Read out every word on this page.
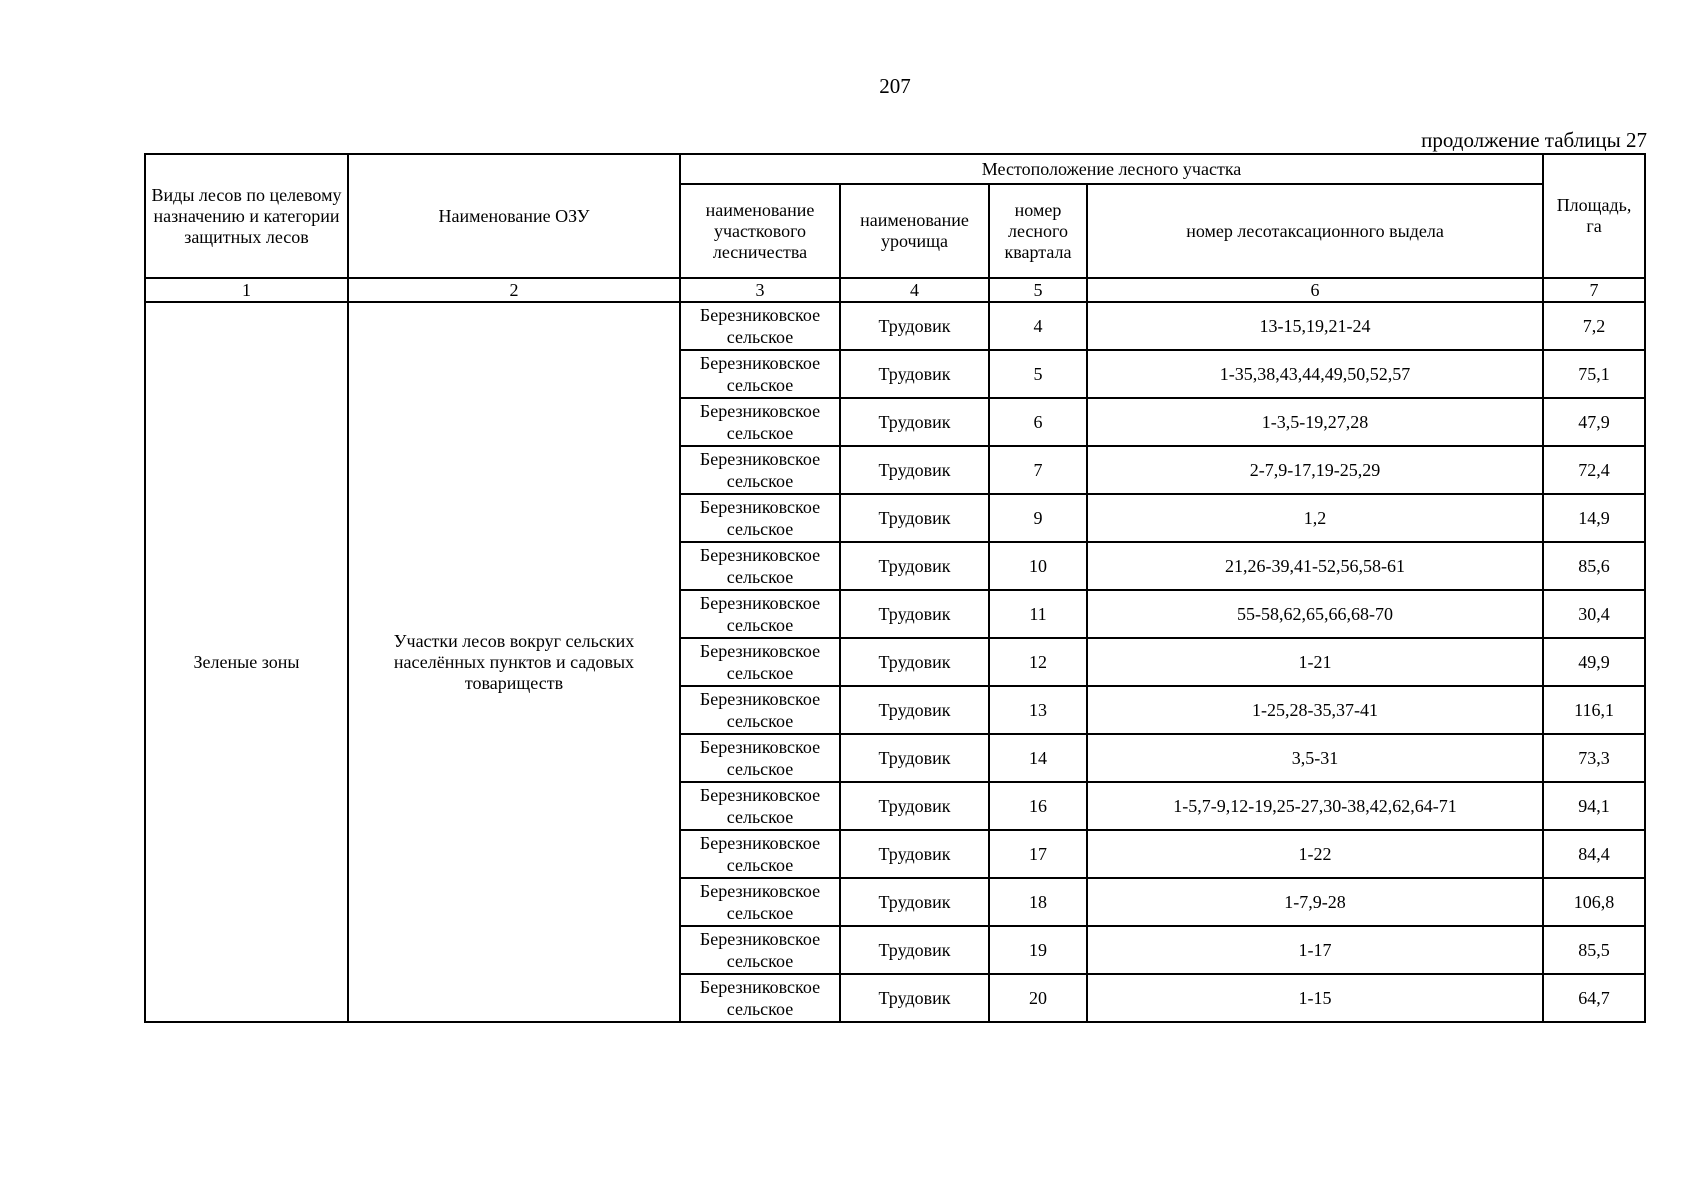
207
продолжение таблицы 27
Виды лесов по целевому назначению и категории защитных лесов	Наименование ОЗУ	Местоположение лесного участка				Площадь, га
		наименование участкового лесничества	наименование урочища	номер лесного квартала	номер лесотаксационного выдела	
1	2	3	4	5	6	7
Зеленые зоны	Участки лесов вокруг сельских населённых пунктов и садовых товариществ	Березниковское сельское	Трудовик	4	13-15,19,21-24	7,2
		Березниковское сельское	Трудовик	5	1-35,38,43,44,49,50,52,57	75,1
		Березниковское сельское	Трудовик	6	1-3,5-19,27,28	47,9
		Березниковское сельское	Трудовик	7	2-7,9-17,19-25,29	72,4
		Березниковское сельское	Трудовик	9	1,2	14,9
		Березниковское сельское	Трудовик	10	21,26-39,41-52,56,58-61	85,6
		Березниковское сельское	Трудовик	11	55-58,62,65,66,68-70	30,4
		Березниковское сельское	Трудовик	12	1-21	49,9
		Березниковское сельское	Трудовик	13	1-25,28-35,37-41	116,1
		Березниковское сельское	Трудовик	14	3,5-31	73,3
		Березниковское сельское	Трудовик	16	1-5,7-9,12-19,25-27,30-38,42,62,64-71	94,1
		Березниковское сельское	Трудовик	17	1-22	84,4
		Березниковское сельское	Трудовик	18	1-7,9-28	106,8
		Березниковское сельское	Трудовик	19	1-17	85,5
		Березниковское сельское	Трудовик	20	1-15	64,7
